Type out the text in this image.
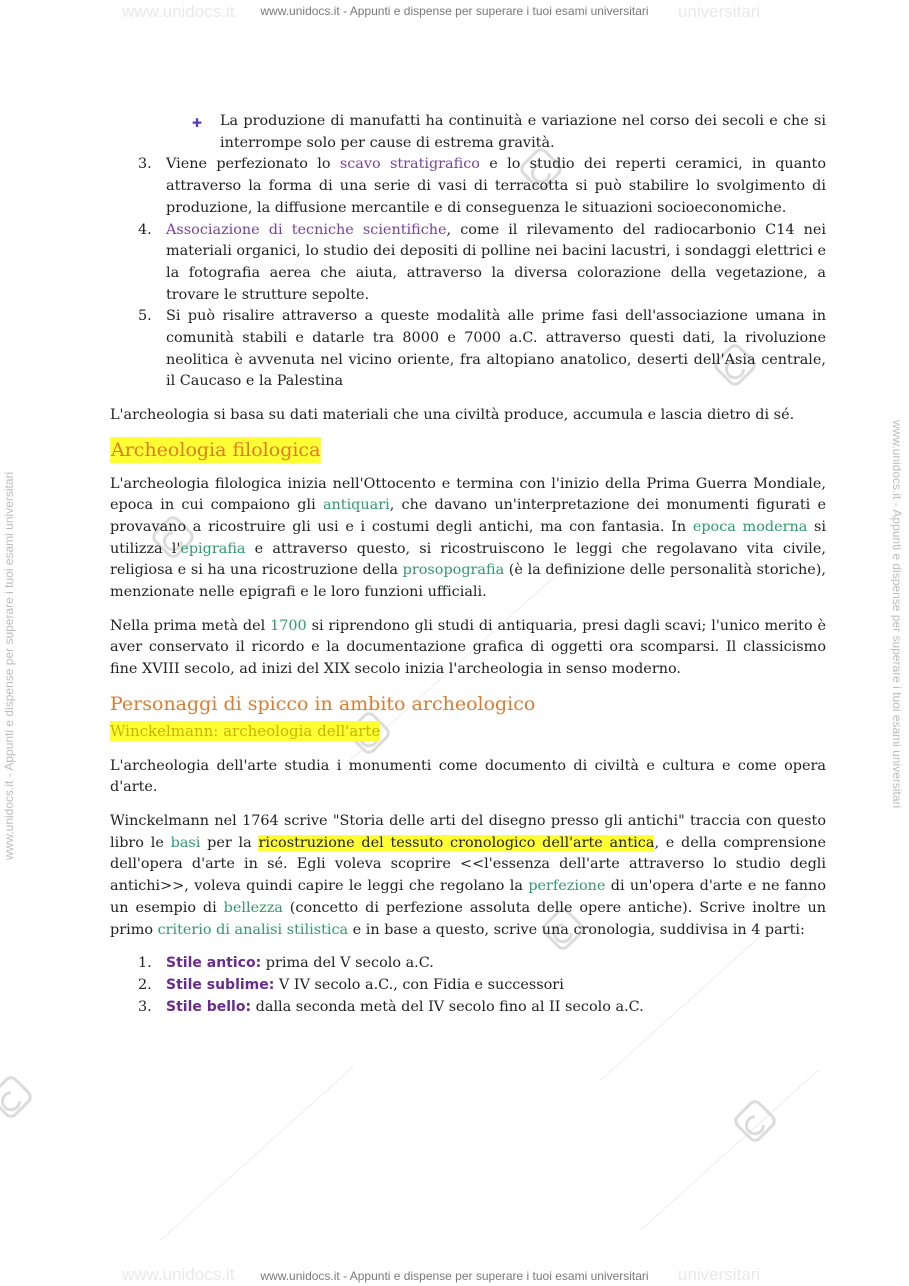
www.unidocs.it	universitari
www.unidocs.it - Appunti e dispense per superare i tuoi esami universitari
www.unidocs.it	universitari
www.unidocs.it - Appunti e dispense per superare i tuoi esami universitari
www.unidocs.it - Appunti e dispense per superare i tuoi esami universitari	www.unidocs.it - Appunti e dispense per superare i tuoi esami universitari
✚ La produzione di manufatti ha continuità e variazione nel corso dei secoli e che si interrompe solo per cause di estrema gravità.
3. Viene perfezionato lo scavo stratigrafico e lo studio dei reperti ceramici, in quanto attraverso la forma di una serie di vasi di terracotta si può stabilire lo svolgimento di produzione, la diffusione mercantile e di conseguenza le situazioni socioeconomiche.
4. Associazione di tecniche scientifiche, come il rilevamento del radiocarbonio C14 nei materiali organici, lo studio dei depositi di polline nei bacini lacustri, i sondaggi elettrici e la fotografia aerea che aiuta, attraverso la diversa colorazione della vegetazione, a trovare le strutture sepolte.
5. Si può risalire attraverso a queste modalità alle prime fasi dell'associazione umana in comunità stabili e datarle tra 8000 e 7000 a.C. attraverso questi dati, la rivoluzione neolitica è avvenuta nel vicino oriente, fra altopiano anatolico, deserti dell'Asia centrale, il Caucaso e la Palestina

L'archeologia si basa su dati materiali che una civiltà produce, accumula e lascia dietro di sé.

Archeologia filologica

L'archeologia filologica inizia nell'Ottocento e termina con l'inizio della Prima Guerra Mondiale, epoca in cui compaiono gli antiquari, che davano un'interpretazione dei monumenti figurati e provavano a ricostruire gli usi e i costumi degli antichi, ma con fantasia. In epoca moderna si utilizza l'epigrafia e attraverso questo, si ricostruiscono le leggi che regolavano vita civile, religiosa e si ha una ricostruzione della prosopografia (è la definizione delle personalità storiche), menzionate nelle epigrafi e le loro funzioni ufficiali.

Nella prima metà del 1700 si riprendono gli studi di antiquaria, presi dagli scavi; l'unico merito è aver conservato il ricordo e la documentazione grafica di oggetti ora scomparsi. Il classicismo fine XVIII secolo, ad inizi del XIX secolo inizia l'archeologia in senso moderno.

Personaggi di spicco in ambito archeologico
Winckelmann: archeologia dell'arte

L'archeologia dell'arte studia i monumenti come documento di civiltà e cultura e come opera d'arte.

Winckelmann nel 1764 scrive "Storia delle arti del disegno presso gli antichi" traccia con questo libro le basi per la ricostruzione del tessuto cronologico dell'arte antica, e della comprensione dell'opera d'arte in sé. Egli voleva scoprire <<l'essenza dell'arte attraverso lo studio degli antichi>>, voleva quindi capire le leggi che regolano la perfezione di un'opera d'arte e ne fanno un esempio di bellezza (concetto di perfezione assoluta delle opere antiche). Scrive inoltre un primo criterio di analisi stilistica e in base a questo, scrive una cronologia, suddivisa in 4 parti:

1. Stile antico: prima del V secolo a.C.
2. Stile sublime: V IV secolo a.C., con Fidia e successori
3. Stile bello: dalla seconda metà del IV secolo fino al II secolo a.C.
